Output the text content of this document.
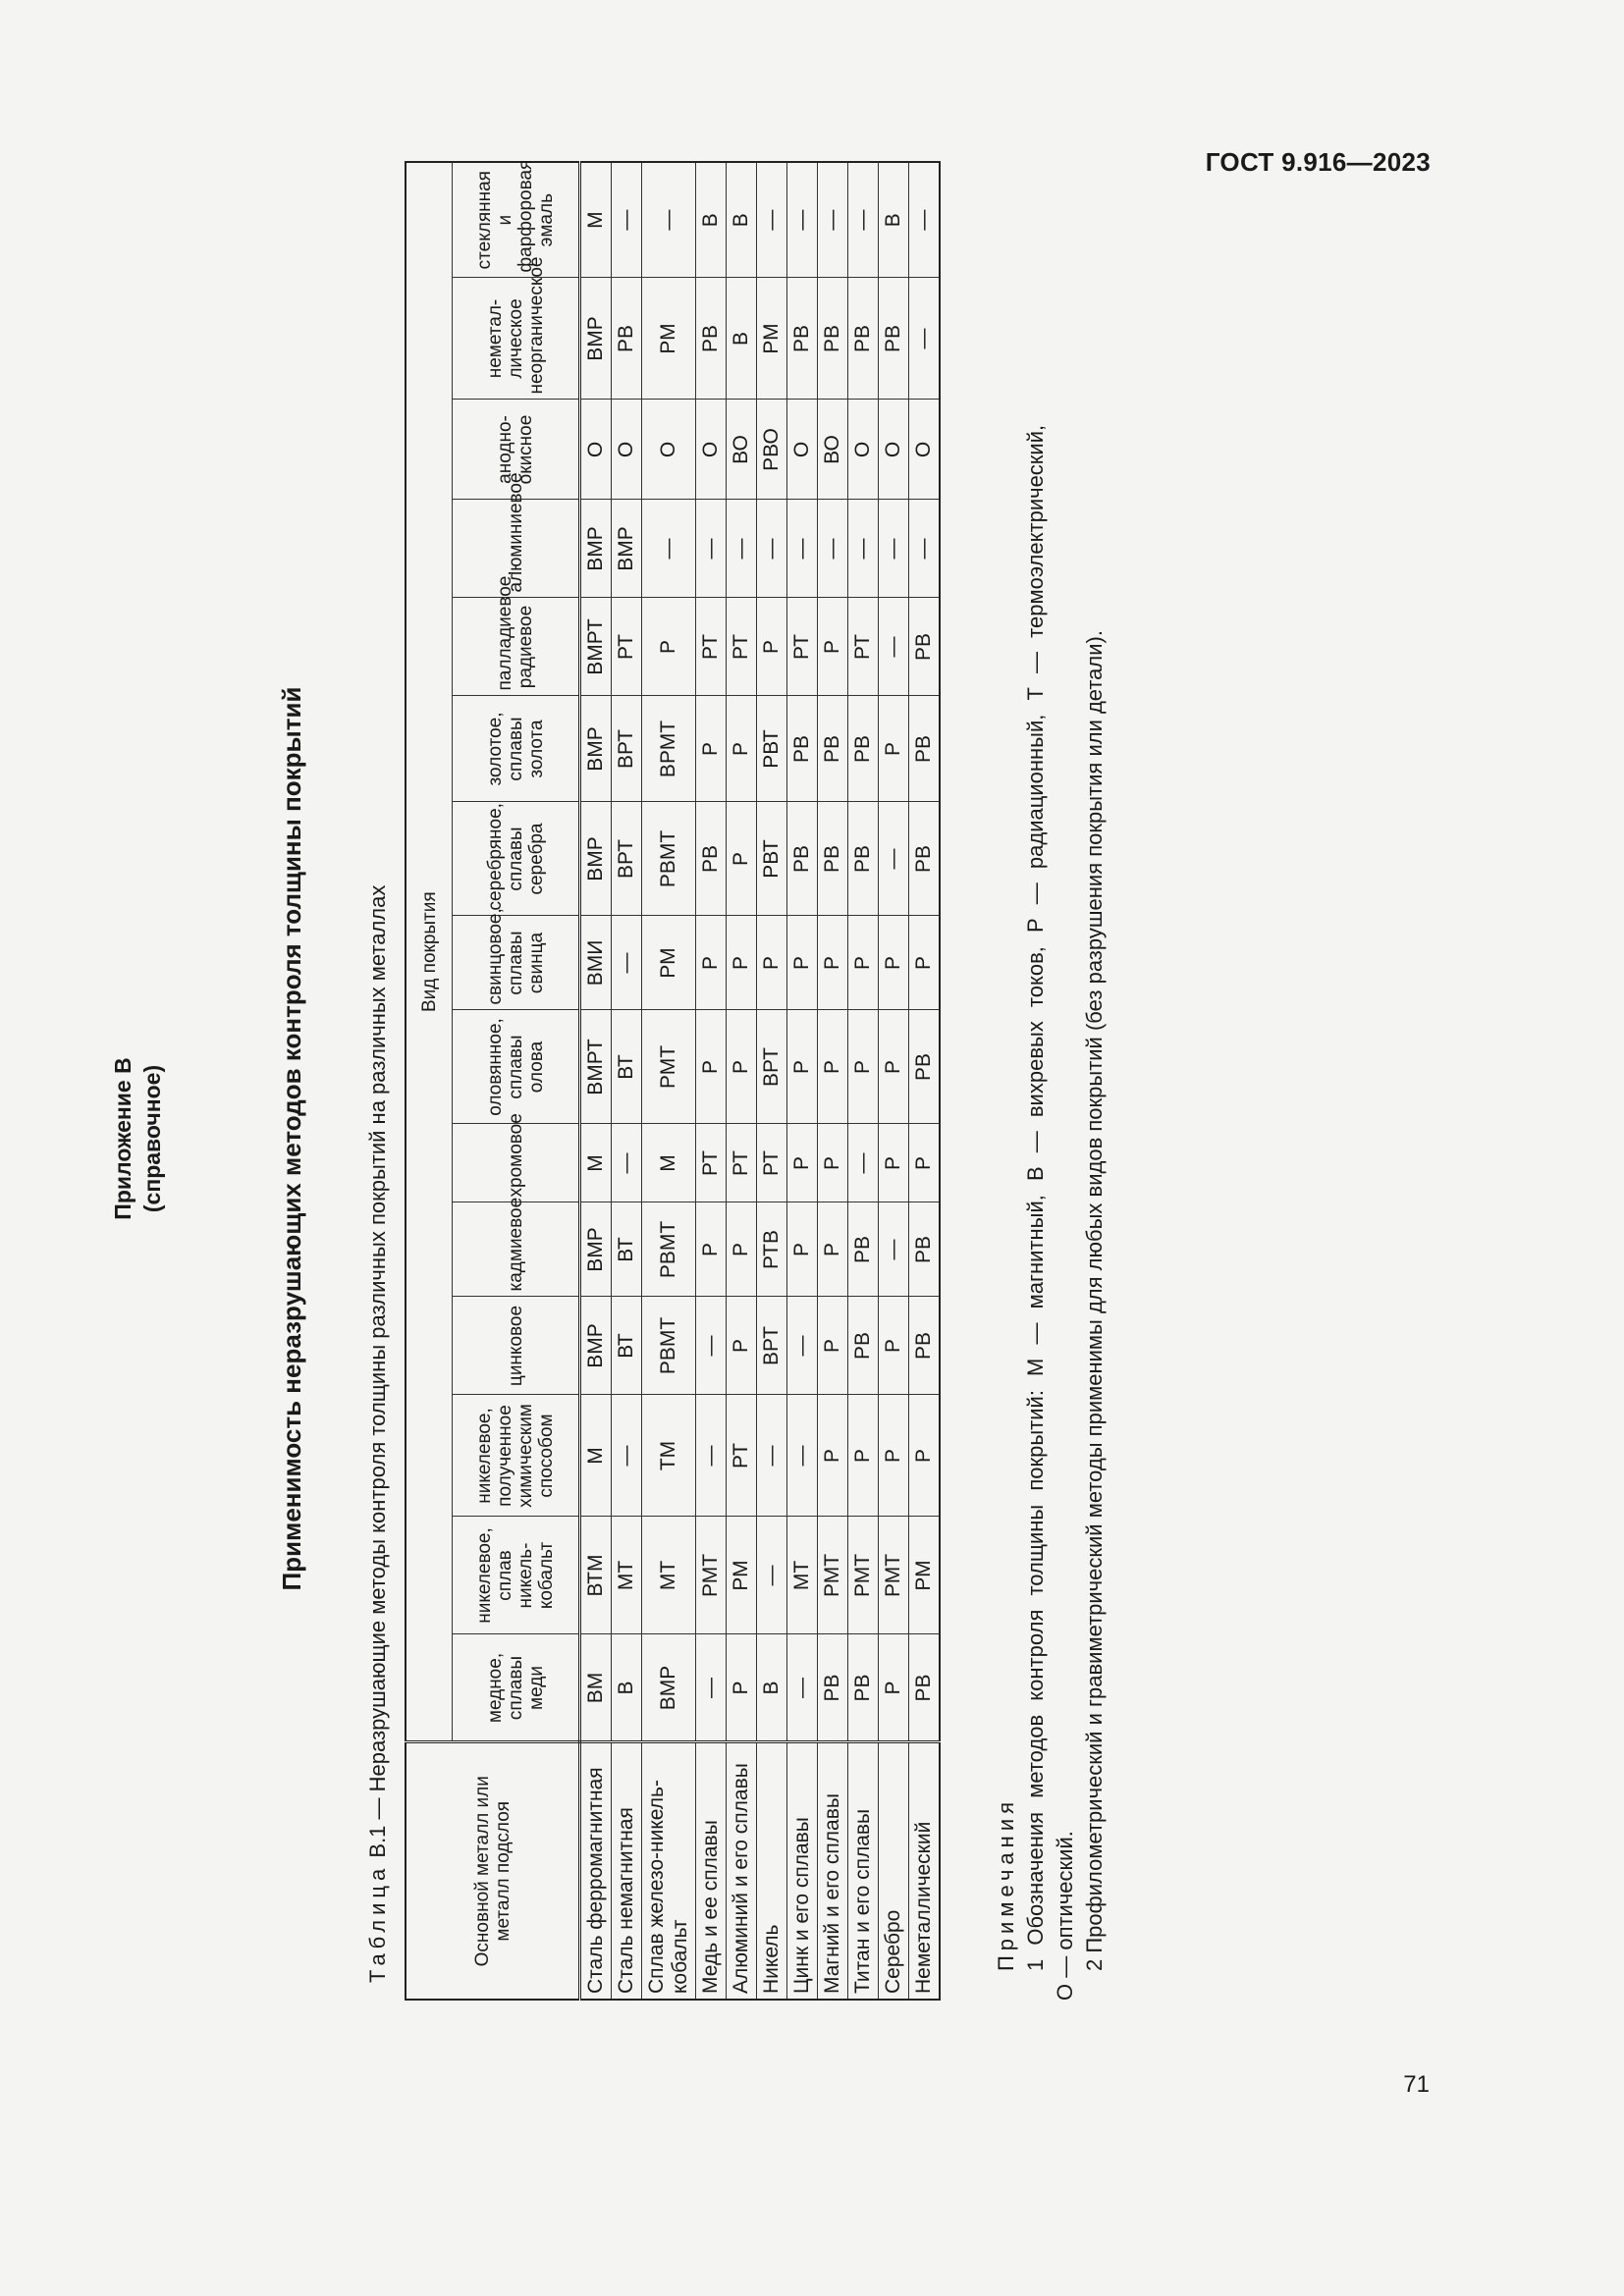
ГОСТ 9.916—2023
71
Приложение В (справочное)	Применимость неразрушающих методов контроля толщины покрытий
Таблица В.1 — Неразрушающие методы контроля толщины различных покрытий на различных металлах
Основной металл или металл подслоя	Вид покрытия														
	медное, сплавы меди	никелевое, сплав никель-кобальт	никелевое, полученное химическим способом	цинковое	кадмиевое	хромовое	оловянное, сплавы олова	свинцовое, сплавы свинца	серебряное, сплавы серебра	золотое, сплавы золота	палладиевое, радиевое	алюминиевое	анодно-окисное	неметал-лическое неорганическое	стеклянная и фарфоровая эмаль
Сталь ферромагнитная	ВМ	ВТМ	М	ВМР	ВМР	М	ВМРТ	ВМИ	ВМР	ВМР	ВМРТ	ВМР	О	ВМР	М
Сталь немагнитная	В	МТ	—	ВТ	ВТ	—	ВТ	—	ВРТ	ВРТ	РТ	ВМР	О	РВ	—
Сплав железо-никель-кобальт	ВМР	МТ	ТМ	РВМТ	РВМТ	М	РМТ	РМ	РВМТ	ВРМТ	Р	—	О	РМ	—
Медь и ее сплавы	—	РМТ	—	—	Р	РТ	Р	Р	РВ	Р	РТ	—	О	РВ	В
Алюминий и его сплавы	Р	РМ	РТ	Р	Р	РТ	Р	Р	Р	Р	РТ	—	ВО	В	В
Никель	В	—	—	ВРТ	РТВ	РТ	ВРТ	Р	РВТ	РВТ	Р	—	РВО	РМ	—
Цинк и его сплавы	—	МТ	—	—	Р	Р	Р	Р	РВ	РВ	РТ	—	О	РВ	—
Магний и его сплавы	РВ	РМТ	Р	Р	Р	Р	Р	Р	РВ	РВ	Р	—	ВО	РВ	—
Титан и его сплавы	РВ	РМТ	Р	РВ	РВ	—	Р	Р	РВ	РВ	РТ	—	О	РВ	—
Серебро	Р	РМТ	Р	Р	—	Р	Р	Р	—	Р	—	—	О	РВ	В
Неметаллический	РВ	РМ	Р	РВ	РВ	Р	РВ	Р	РВ	РВ	РВ	—	О	—	—
Примечания 1 Обозначения методов контроля толщины покрытий: М — магнитный, В — вихревых токов, Р — радиационный, Т — термоэлектрический, О — оптический. 2 Профилометрический и гравиметрический методы применимы для любых видов покрытий (без разрушения покрытия или детали).
